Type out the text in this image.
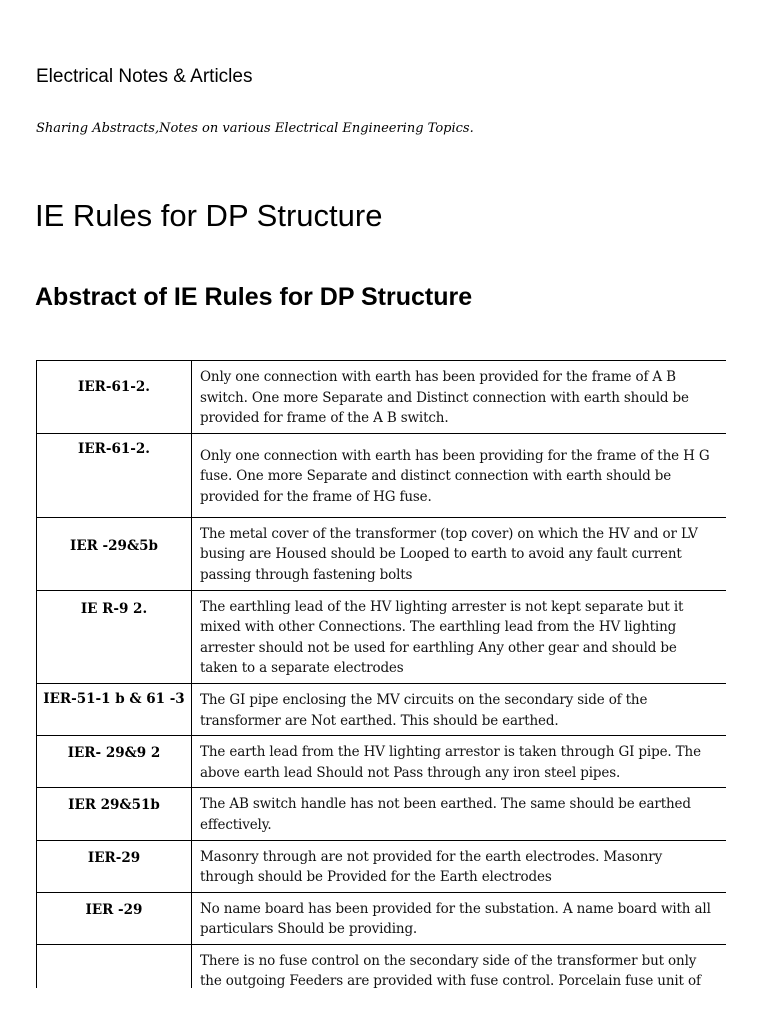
Electrical Notes & Articles
Sharing Abstracts,Notes on various Electrical Engineering Topics.
IE Rules for DP Structure
Abstract of IE Rules for DP Structure
IER-61-2.	Only one connection with earth has been provided for the frame of A B switch. One more Separate and Distinct connection with earth should be provided for frame of the A B switch.
IER-61-2.	Only one connection with earth has been providing for the frame of the H G fuse. One more Separate and distinct connection with earth should be provided for the frame of HG fuse.
IER -29&5b	The metal cover of the transformer (top cover) on which the HV and or LV busing are Housed should be Looped to earth to avoid any fault current passing through fastening bolts
IE R-9 2.	The earthling lead of the HV lighting arrester is not kept separate but it mixed with other Connections. The earthling lead from the HV lighting arrester should not be used for earthling Any other gear and should be taken to a separate electrodes
IER-51-1 b & 61 -3	The GI pipe enclosing the MV circuits on the secondary side of the transformer are Not earthed. This should be earthed.
IER- 29&9 2	The earth lead from the HV lighting arrestor is taken through GI pipe. The above earth lead Should not Pass through any iron steel pipes.
IER 29&51b	The AB switch handle has not been earthed. The same should be earthed effectively.
IER-29	Masonry through are not provided for the earth electrodes. Masonry through should be Provided for the Earth electrodes
IER -29	No name board has been provided for the substation. A name board with all particulars Should be providing.
	There is no fuse control on the secondary side of the transformer but only the outgoing Feeders are provided with fuse control. Porcelain fuse unit of
